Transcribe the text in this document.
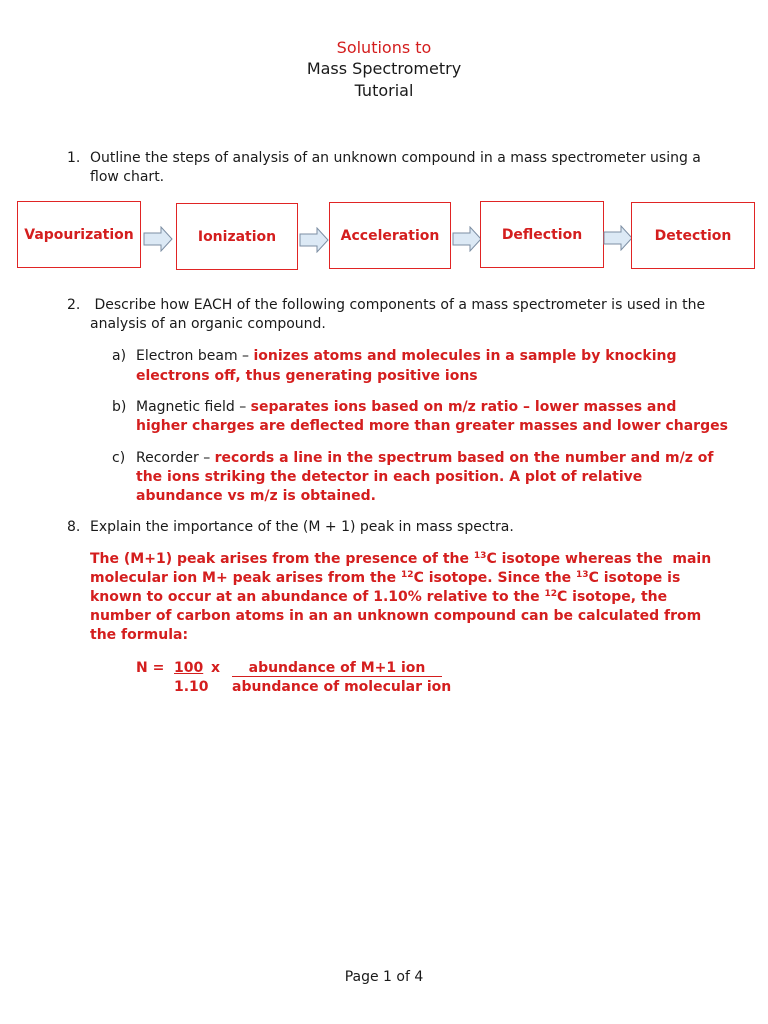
Solutions to
Mass Spectrometry
Tutorial
1. Outline the steps of analysis of an unknown compound in a mass spectrometer using a
flow chart.
Vapourization	Ionization	Acceleration	Deflection	Detection
2. Describe how EACH of the following components of a mass spectrometer is used in the
analysis of an organic compound.
a) Electron beam – ionizes atoms and molecules in a sample by knocking
electrons off, thus generating positive ions
b) Magnetic field – separates ions based on m/z ratio – lower masses and
higher charges are deflected more than greater masses and lower charges
c) Recorder – records a line in the spectrum based on the number and m/z of
the ions striking the detector in each position. A plot of relative
abundance vs m/z is obtained.
8. Explain the importance of the (M + 1) peak in mass spectra.
The (M+1) peak arises from the presence of the $^{13}$C isotope whereas the  main
molecular ion M+ peak arises from the $^{12}$C isotope. Since the $^{13}$C isotope is
known to occur at an abundance of 1.10% relative to the $^{12}$C isotope, the
number of carbon atoms in an an unknown compound can be calculated from
the formula:
N = 100 x	abundance of M+1 ion
1.10 abundance of molecular ion
Page 1 of 4
